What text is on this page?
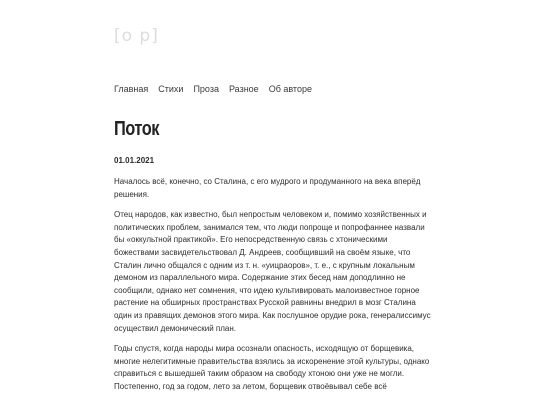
[o p]
Главная Стихи Проза Разное Об авторе
Поток
01.01.2021

Началось всё, конечно, со Сталина, с его мудрого и продуманного на века вперёд решения.

Отец народов, как известно, был непростым человеком и, помимо хозяйственных и политических проблем, занимался тем, что люди попроще и попрофаннее назвали бы «оккультной практикой». Его непосредственную связь с хтоническими божествами засвидетельствовал Д. Андреев, сообщивший на своём языке, что Сталин лично общался с одним из т. н. «уицраоров», т. е., с крупным локальным демоном из параллельного мира. Содержание этих бесед нам доподлинно не сообщили, однако нет сомнения, что идею культивировать малоизвестное горное растение на обширных пространствах Русской равнины внедрил в мозг Сталина один из правящих демонов этого мира. Как послушное орудие рока, генералиссимус осуществил демонический план.

Годы спустя, когда народы мира осознали опасность, исходящую от борщевика, многие нелегитимные правительства взялись за искоренение этой культуры, однако справиться с вышедшей таким образом на свободу хтоною они уже не могли. Постепенно, год за годом, лето за летом, борщевик отвоёвывал себе всё
